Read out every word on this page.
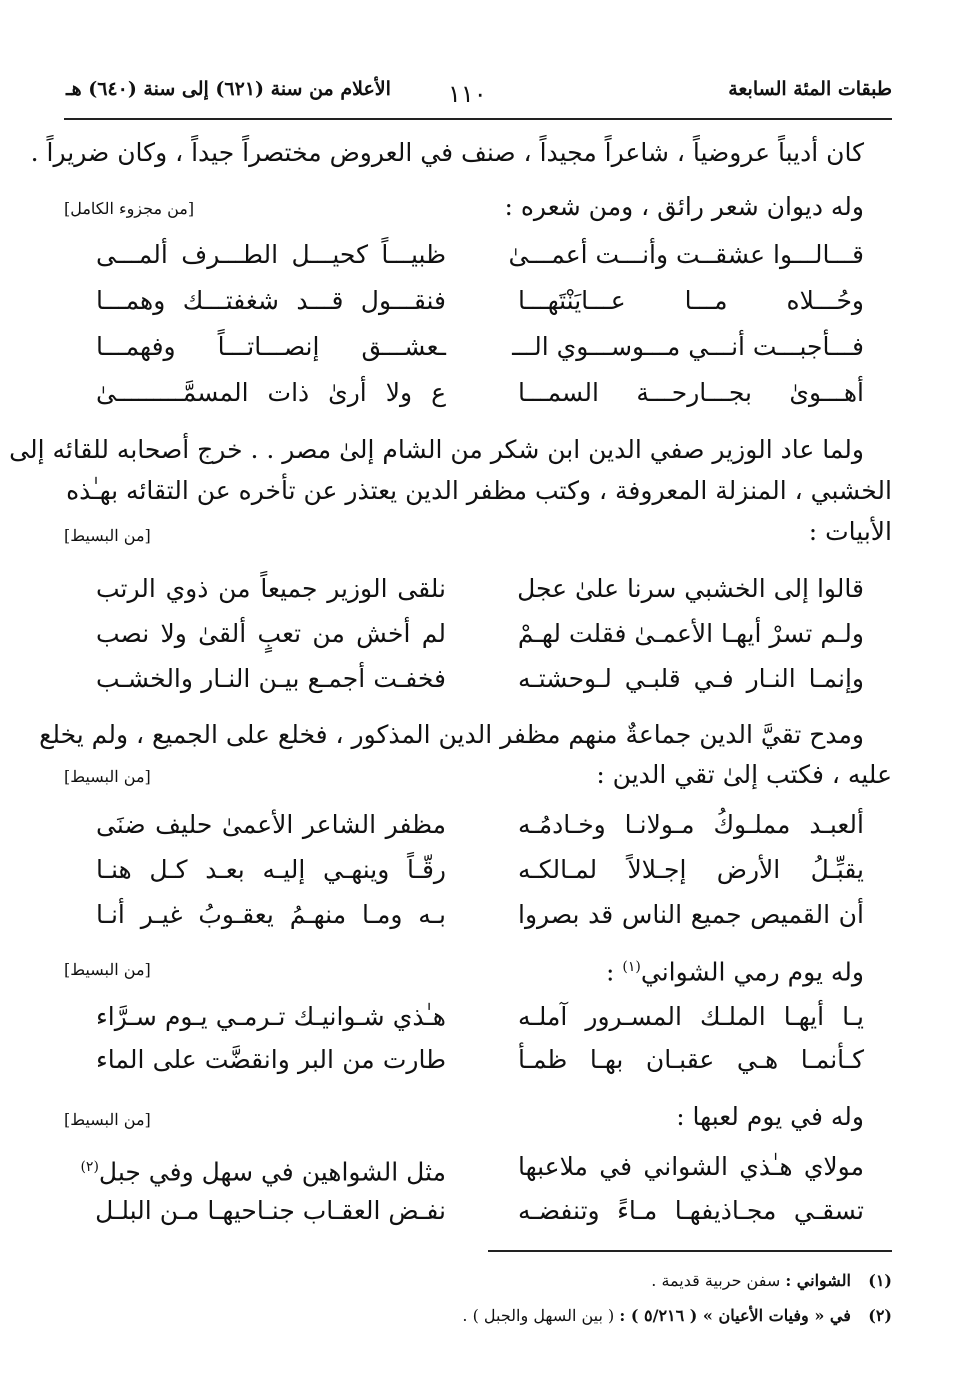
طبقات المئة السابعة
١١٠
الأعلام من سنة (٦٢١) إلى سنة (٦٤٠) هـ
كان أديباً عروضياً ، شاعراً مجيداً ، صنف في العروض مختصراً جيداً ، وكان ضريراً .
وله ديوان شعر رائق ، ومن شعره :
[من مجزوء الكامل]
قـــالـــوا عشقــت وأنـــت أعمـــىٰ
ظبيـــاً كحيـــل الطـــرف ألمـــى
وحُـــلاه مـــا عـــايَنْتَهـــا
فنقـــول قـــد شغفتـــك وهمـــا
فـــأجبـــت أنـــي مـــوســـوي الـــ
ـعشـــق إنصـــاتـــاً وفهمـــا
أهـــوىٰ بجـــارحـــة السمـــا
ع ولا أرىٰ ذات المسمَّـــــــــىٰ
ولما عاد الوزير صفي الدين ابن شكر من الشام إلىٰ مصر . . خرج أصحابه للقائه إلى
الخشبي ، المنزلة المعروفة ، وكتب مظفر الدين يعتذر عن تأخره عن التقائه بهـٰذه
الأبيات :
[من البسيط]
قالوا إلى الخشبي سرنا علىٰ عجل
نلقى الوزير جميعاً من ذوي الرتب
ولـم تسرْ أيهـا الأعمـىٰ فقلت لهـمْ
لم أخش من تعبٍ ألقىٰ ولا نصب
وإنمـا النـار فـي قلبـي لـوحشتـه
فخفـت أجمـع بيـن النـار والخشـب
ومدح تقيَّ الدين جماعةٌ منهم مظفر الدين المذكور ، فخلع على الجميع ، ولم يخلع
عليه ، فكتب إلىٰ تقي الدين :
[من البسيط]
ألعبـد مملـوكُ مـولانـا وخـادمُـه
مظفر الشاعر الأعمىٰ حليف ضنَى
يقبِّـلُ الأرض إجـلالاً لمـالكـه
رقّـاً وينهـي إليـه بعـد كـل هنـا
أن القميص جميع الناس قد بصروا
بـه ومـا منهـمُ يعقـوبُ غيـر أنـا
وله يوم رمي الشواني$^{(١)}$ :
[من البسيط]
يـا أيهـا الملـك المسـرور آملـه
هـٰذي شـوانيـك تـرمـي يـوم سـرَّاء
كـأنمـا هـي عقبـان بهـا ظمـأ
طارت من البر وانقضَّت على الماء
وله في يوم لعبها :
[من البسيط]
مولاي هـٰذي الشواني في ملاعبها
مثل الشواهين في سهل وفي جبل$^{(٢)}$
تسقـي مجـاذيفهـا مـاءً وتنفضـه
نفـض العقـاب جنـاحيهـا مـن البلـل
(١) الشواني : سفن حربية قديمة .
(٢) في « وفيات الأعيان » ( ٥/٢١٦ ) : ( بين السهل والجبل ) .
